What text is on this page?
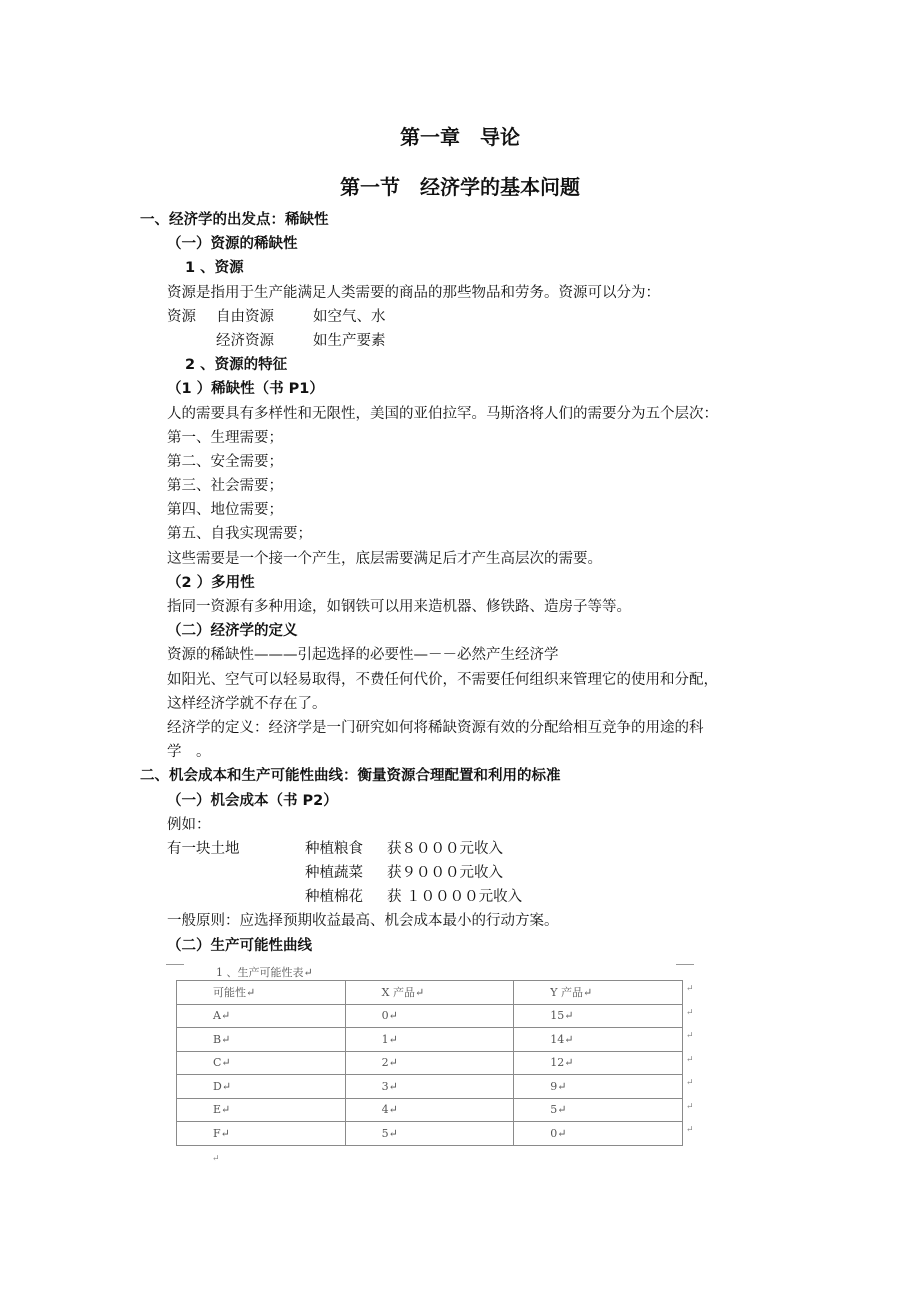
第一章　导论
第一节　经济学的基本问题
一、经济学的出发点：稀缺性
（一）资源的稀缺性
1 、资源
资源是指用于生产能满足人类需要的商品的那些物品和劳务。资源可以分为：
资源 自由资源	如空气、水
经济资源	如生产要素
2 、资源的特征
（1 ）稀缺性（书 P1）
人的需要具有多样性和无限性，美国的亚伯拉罕。马斯洛将人们的需要分为五个层次：
第一、生理需要；
第二、安全需要；
第三、社会需要；
第四、地位需要；
第五、自我实现需要；
这些需要是一个接一个产生，底层需要满足后才产生高层次的需要。
（2 ）多用性
指同一资源有多种用途，如钢铁可以用来造机器、修铁路、造房子等等。
（二）经济学的定义
资源的稀缺性———引起选择的必要性—－－必然产生经济学
如阳光、空气可以轻易取得，不费任何代价，不需要任何组织来管理它的使用和分配，
这样经济学就不存在了。
经济学的定义：经济学是一门研究如何将稀缺资源有效的分配给相互竞争的用途的科
学　。
二、机会成本和生产可能性曲线：衡量资源合理配置和利用的标准
（一）机会成本（书 P2）
例如：
有一块土地	种植粮食 获８０００元收入
种植蔬菜 获９０００元收入
种植棉花 获 １００００元收入
一般原则：应选择预期收益最高、机会成本最小的行动方案。
（二）生产可能性曲线
1 、生产可能性表↵
可能性↵	X 产品↵	Y 产品↵
A↵	0↵	15↵
B↵	1↵	14↵
C↵	2↵	12↵
D↵	3↵	9↵
E↵	4↵	5↵
F↵	5↵	0↵
↵
↵
↵
↵
↵
↵
↵
↵
